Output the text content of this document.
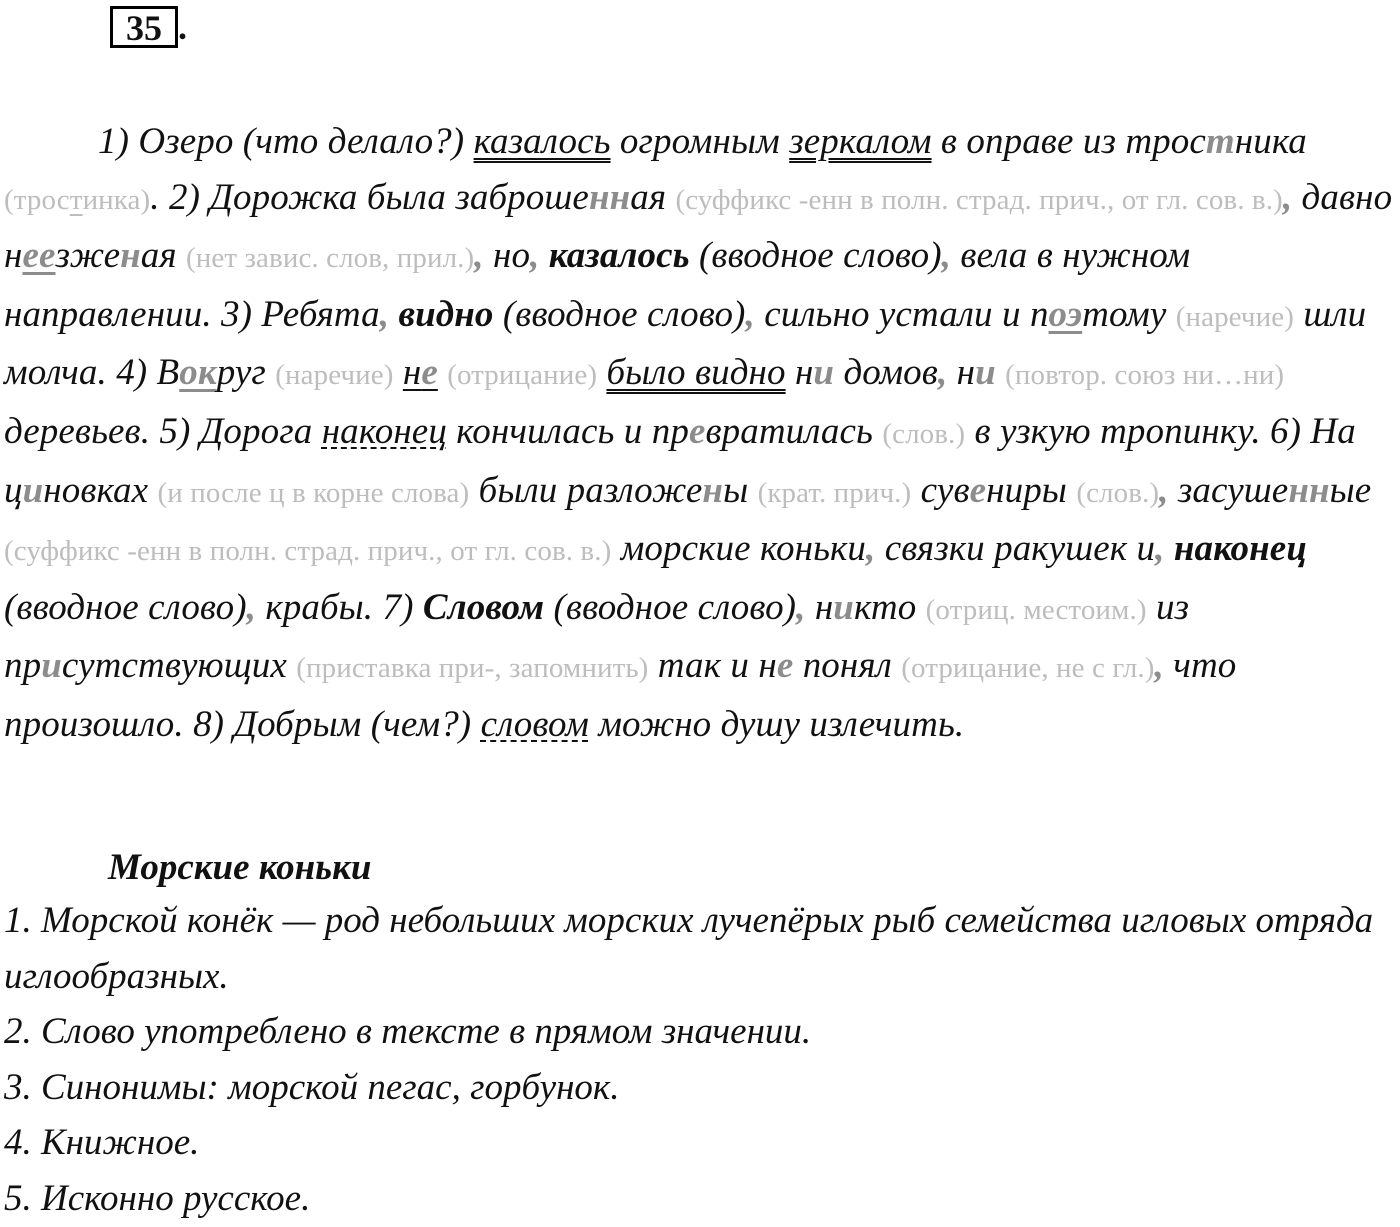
35 .
1) Озеро (что делало?) казалось огромным зеркалом в оправе из тростника (тростинка). 2) Дорожка была заброшенная (суффикс -енн в полн. страд. прич., от гл. сов. в.), давно неезженая (нет завис. слов, прил.), но, казалось (вводное слово), вела в нужном направлении. 3) Ребята, видно (вводное слово), сильно устали и поэтому (наречие) шли молча. 4) Вокруг (наречие) не (отрицание) было видно ни домов, ни (повтор. союз ни…ни) деревьев. 5) Дорога наконец кончилась и превратилась (слов.) в узкую тропинку. 6) На циновках (и после ц в корне слова) были разложены (крат. прич.) сувениры (слов.), засушенные (суффикс -енн в полн. страд. прич., от гл. сов. в.) морские коньки, связки ракушек и, наконец (вводное слово), крабы. 7) Словом (вводное слово), никто (отриц. местоим.) из присутствующих (приставка при-, запомнить) так и не понял (отрицание, не с гл.), что произошло. 8) Добрым (чем?) словом можно душу излечить.
Морские коньки
1. Морской конёк — род небольших морских лучепёрых рыб семейства игловых отряда иглообразных.
2. Слово употреблено в тексте в прямом значении.
3. Синонимы: морской пегас, горбунок.
4. Книжное.
5. Исконно русское.
